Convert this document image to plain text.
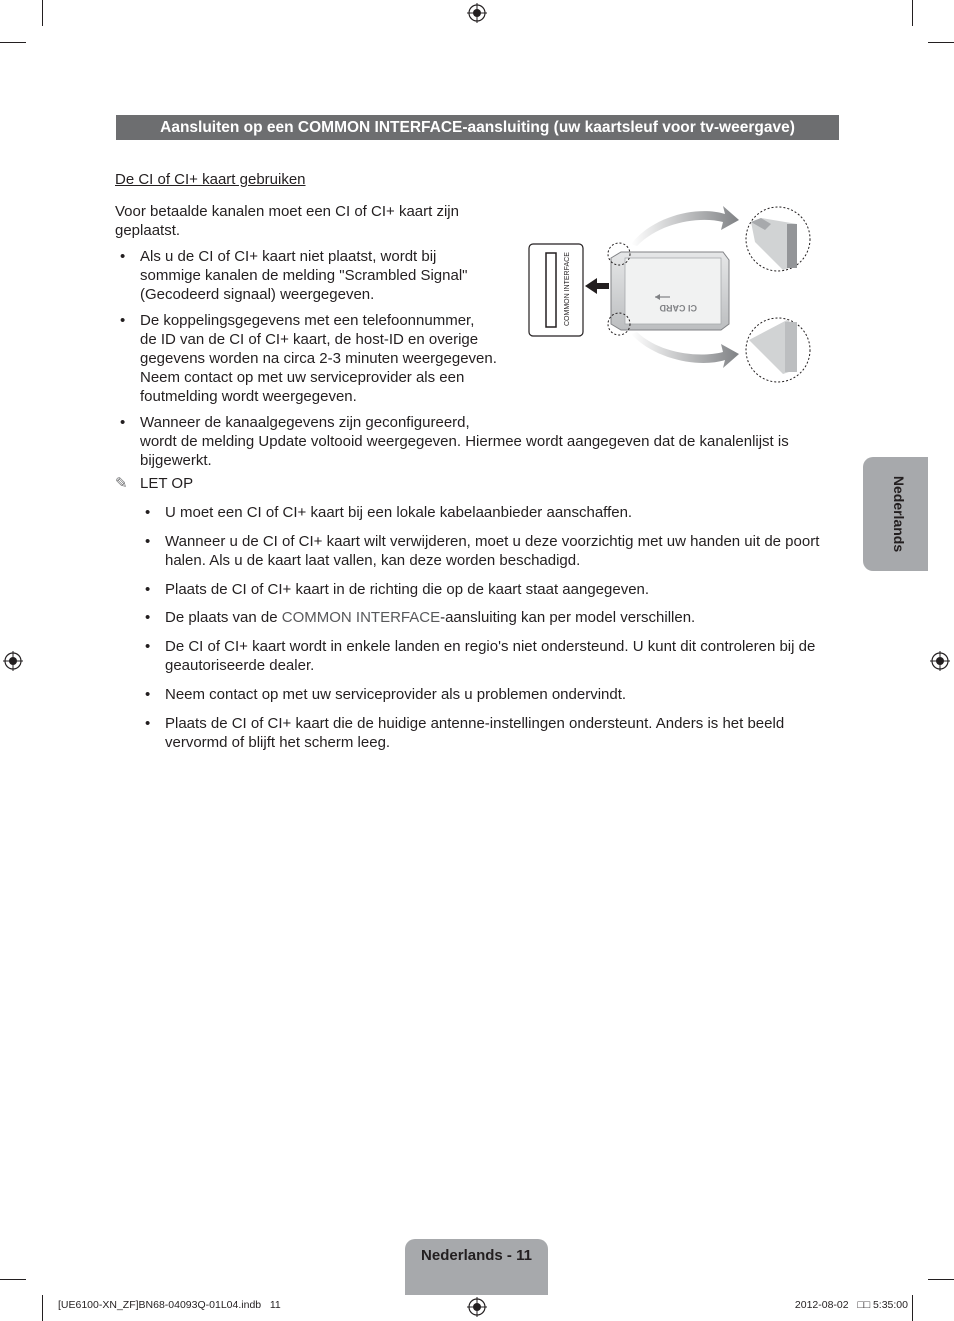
Aansluiten op een COMMON INTERFACE-aansluiting (uw kaartsleuf voor tv-weergave)
De CI of CI+ kaart gebruiken
Voor betaalde kanalen moet een CI of CI+ kaart zijn
geplaatst.
• Als u de CI of CI+ kaart niet plaatst, wordt bij
sommige kanalen de melding "Scrambled Signal"
(Gecodeerd signaal) weergegeven.
• De koppelingsgegevens met een telefoonnummer,
de ID van de CI of CI+ kaart, de host-ID en overige
gegevens worden na circa 2-3 minuten weergegeven.
Neem contact op met uw serviceprovider als een
foutmelding wordt weergegeven.
• Wanneer de kanaalgegevens zijn geconfigureerd,
wordt de melding Update voltooid weergegeven. Hiermee wordt aangegeven dat de kanalenlijst is
bijgewerkt.
✎ LET OP
• U moet een CI of CI+ kaart bij een lokale kabelaanbieder aanschaffen.
• Wanneer u de CI of CI+ kaart wilt verwijderen, moet u deze voorzichtig met uw handen uit de poort
halen. Als u de kaart laat vallen, kan deze worden beschadigd.
• Plaats de CI of CI+ kaart in de richting die op de kaart staat aangegeven.
• De plaats van de COMMON INTERFACE-aansluiting kan per model verschillen.
• De CI of CI+ kaart wordt in enkele landen en regio's niet ondersteund. U kunt dit controleren bij de
geautoriseerde dealer.
• Neem contact op met uw serviceprovider als u problemen ondervindt.
• Plaats de CI of CI+ kaart die de huidige antenne-instellingen ondersteunt. Anders is het beeld
vervormd of blijft het scherm leeg.
COMMON INTERFACE	CI CARD
Nederlands
Nederlands - 11
[UE6100-XN_ZF]BN68-04093Q-01L04.indb   11	2012-08-02   □□ 5:35:00
